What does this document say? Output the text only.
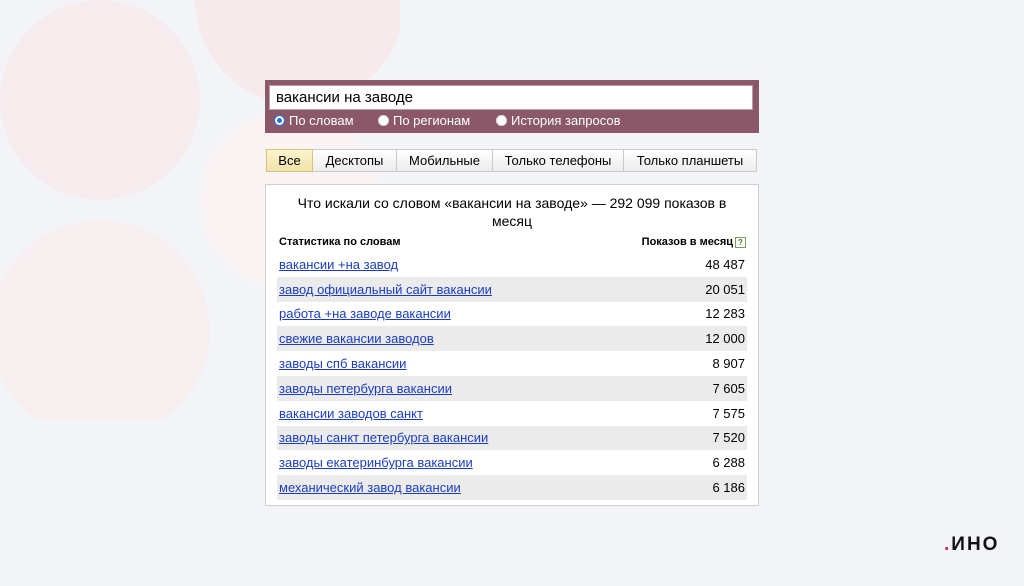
вакансии на заводе
По словам	По регионам	История запросов
Все	Десктопы	Мобильные	Только телефоны	Только планшеты
Что искали со словом «вакансии на заводе» — 292 099 показов в месяц
Статистика по словам	Показов в месяц ?
вакансии +на завод	48 487
завод официальный сайт вакансии	20 051
работа +на заводе вакансии	12 283
свежие вакансии заводов	12 000
заводы спб вакансии	8 907
заводы петербурга вакансии	7 605
вакансии заводов санкт	7 575
заводы санкт петербурга вакансии	7 520
заводы екатеринбурга вакансии	6 288
механический завод вакансии	6 186
.ИНО
